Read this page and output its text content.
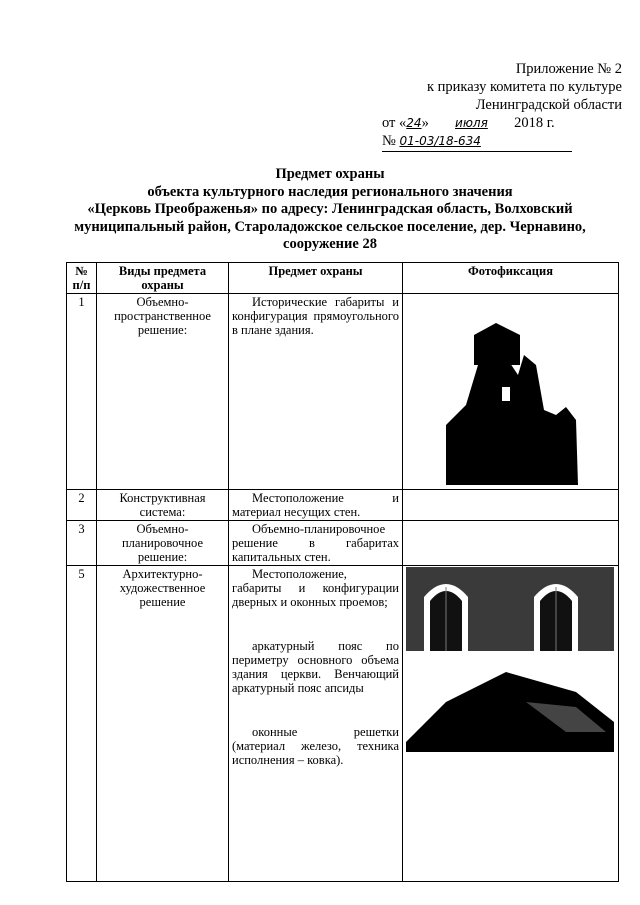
Приложение № 2
к приказу комитета по культуре
Ленинградской области
от «24» июля 2018 г.
№ 01-03/18-634
Предмет охраны
объекта культурного наследия регионального значения
«Церковь Преображенья» по адресу: Ленинградская область, Волховский
муниципальный район, Староладожское сельское поселение, дер. Чернавино,
сооружение 28
№ п/п	Виды предмета охраны	Предмет охраны	Фотофиксация
1	Объемно-пространственное решение:	Исторические габариты и конфигурация прямоугольного в плане здания.	
2	Конструктивная система:	Местоположение и материал несущих стен.	
3	Объемно-планировочное решение:	Объемно-планировочное решение в габаритах капитальных стен.	
5	Архитектурно-художественное решение	Местоположение, габариты и конфигурации дверных и оконных проемов;
аркатурный пояс по периметру основного объема здания церкви. Венчающий аркатурный пояс апсиды
оконные решетки (материал железо, техника исполнения – ковка).
